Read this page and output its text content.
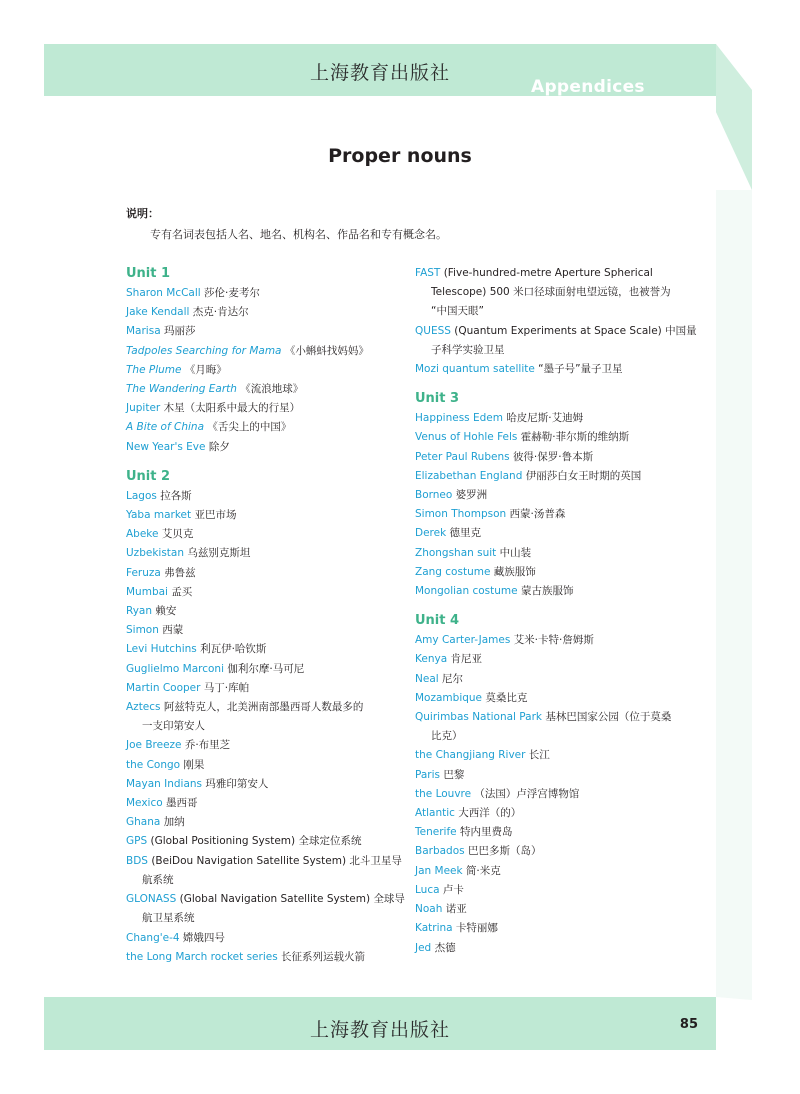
上海教育出版社
Appendices
Proper nouns
说明：
专有名词表包括人名、地名、机构名、作品名和专有概念名。
Unit 1
Sharon McCall 莎伦·麦考尔
Jake Kendall 杰克·肯达尔
Marisa 玛丽莎
Tadpoles Searching for Mama 《小蝌蚪找妈妈》
The Plume 《月晦》
The Wandering Earth 《流浪地球》
Jupiter 木星（太阳系中最大的行星）
A Bite of China 《舌尖上的中国》
New Year's Eve 除夕
Unit 2
Lagos 拉各斯
Yaba market 亚巴市场
Abeke 艾贝克
Uzbekistan 乌兹别克斯坦
Feruza 弗鲁兹
Mumbai 孟买
Ryan 赖安
Simon 西蒙
Levi Hutchins 利瓦伊·哈钦斯
Guglielmo Marconi 伽利尔摩·马可尼
Martin Cooper 马丁·库帕
Aztecs 阿兹特克人，北美洲南部墨西哥人数最多的
一支印第安人
Joe Breeze 乔·布里芝
the Congo 刚果
Mayan Indians 玛雅印第安人
Mexico 墨西哥
Ghana 加纳
GPS (Global Positioning System) 全球定位系统
BDS (BeiDou Navigation Satellite System) 北斗卫星导
航系统
GLONASS (Global Navigation Satellite System) 全球导
航卫星系统
Chang'e-4 嫦娥四号
the Long March rocket series 长征系列运载火箭
FAST (Five-hundred-metre Aperture Spherical
Telescope) 500 米口径球面射电望远镜，也被誉为
“中国天眼”
QUESS (Quantum Experiments at Space Scale) 中国量
子科学实验卫星
Mozi quantum satellite “墨子号”量子卫星
Unit 3
Happiness Edem 哈皮尼斯·艾迪姆
Venus of Hohle Fels 霍赫勒·菲尔斯的维纳斯
Peter Paul Rubens 彼得·保罗·鲁本斯
Elizabethan England 伊丽莎白女王时期的英国
Borneo 婆罗洲
Simon Thompson 西蒙·汤普森
Derek 德里克
Zhongshan suit 中山装
Zang costume 藏族服饰
Mongolian costume 蒙古族服饰
Unit 4
Amy Carter-James 艾米·卡特·詹姆斯
Kenya 肯尼亚
Neal 尼尔
Mozambique 莫桑比克
Quirimbas National Park 基林巴国家公园（位于莫桑
比克）
the Changjiang River 长江
Paris 巴黎
the Louvre （法国）卢浮宫博物馆
Atlantic 大西洋（的）
Tenerife 特内里费岛
Barbados 巴巴多斯（岛）
Jan Meek 简·米克
Luca 卢卡
Noah 诺亚
Katrina 卡特丽娜
Jed 杰德
上海教育出版社	85
